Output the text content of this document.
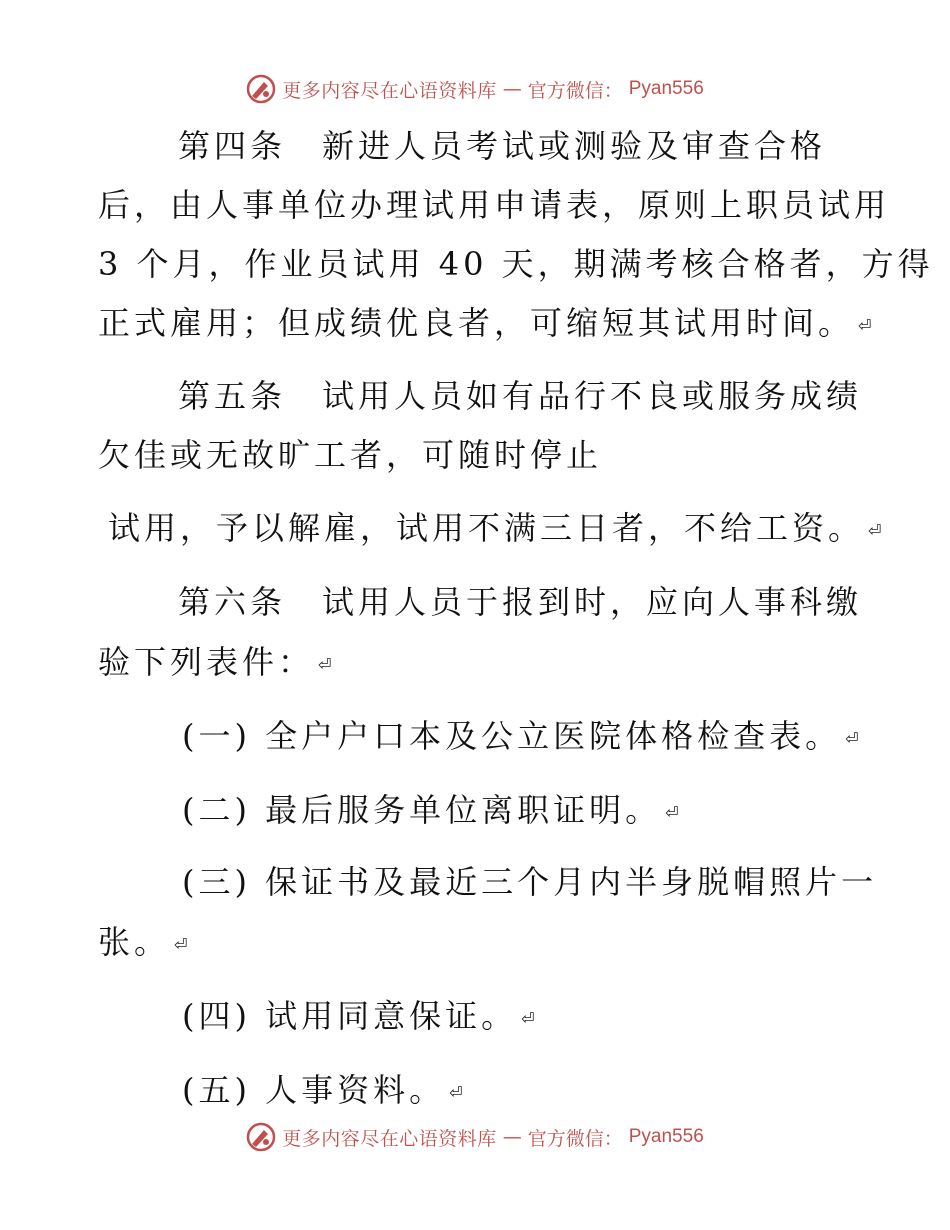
更多内容尽在心语资料库 — 官方微信： Pyan556
第四条　新进人员考试或测验及审查合格
后，由人事单位办理试用申请表，原则上职员试用
3 个月，作业员试用 40 天，期满考核合格者，方得
正式雇用；但成绩优良者，可缩短其试用时间。 ⏎
第五条　试用人员如有品行不良或服务成绩
欠佳或无故旷工者，可随时停止
试用，予以解雇，试用不满三日者，不给工资。 ⏎
第六条　试用人员于报到时，应向人事科缴
验下列表件： ⏎
(一) 全户户口本及公立医院体格检查表。 ⏎
(二) 最后服务单位离职证明。 ⏎
(三) 保证书及最近三个月内半身脱帽照片一
张。 ⏎
(四) 试用同意保证。 ⏎
(五) 人事资料。 ⏎
更多内容尽在心语资料库 — 官方微信： Pyan556
